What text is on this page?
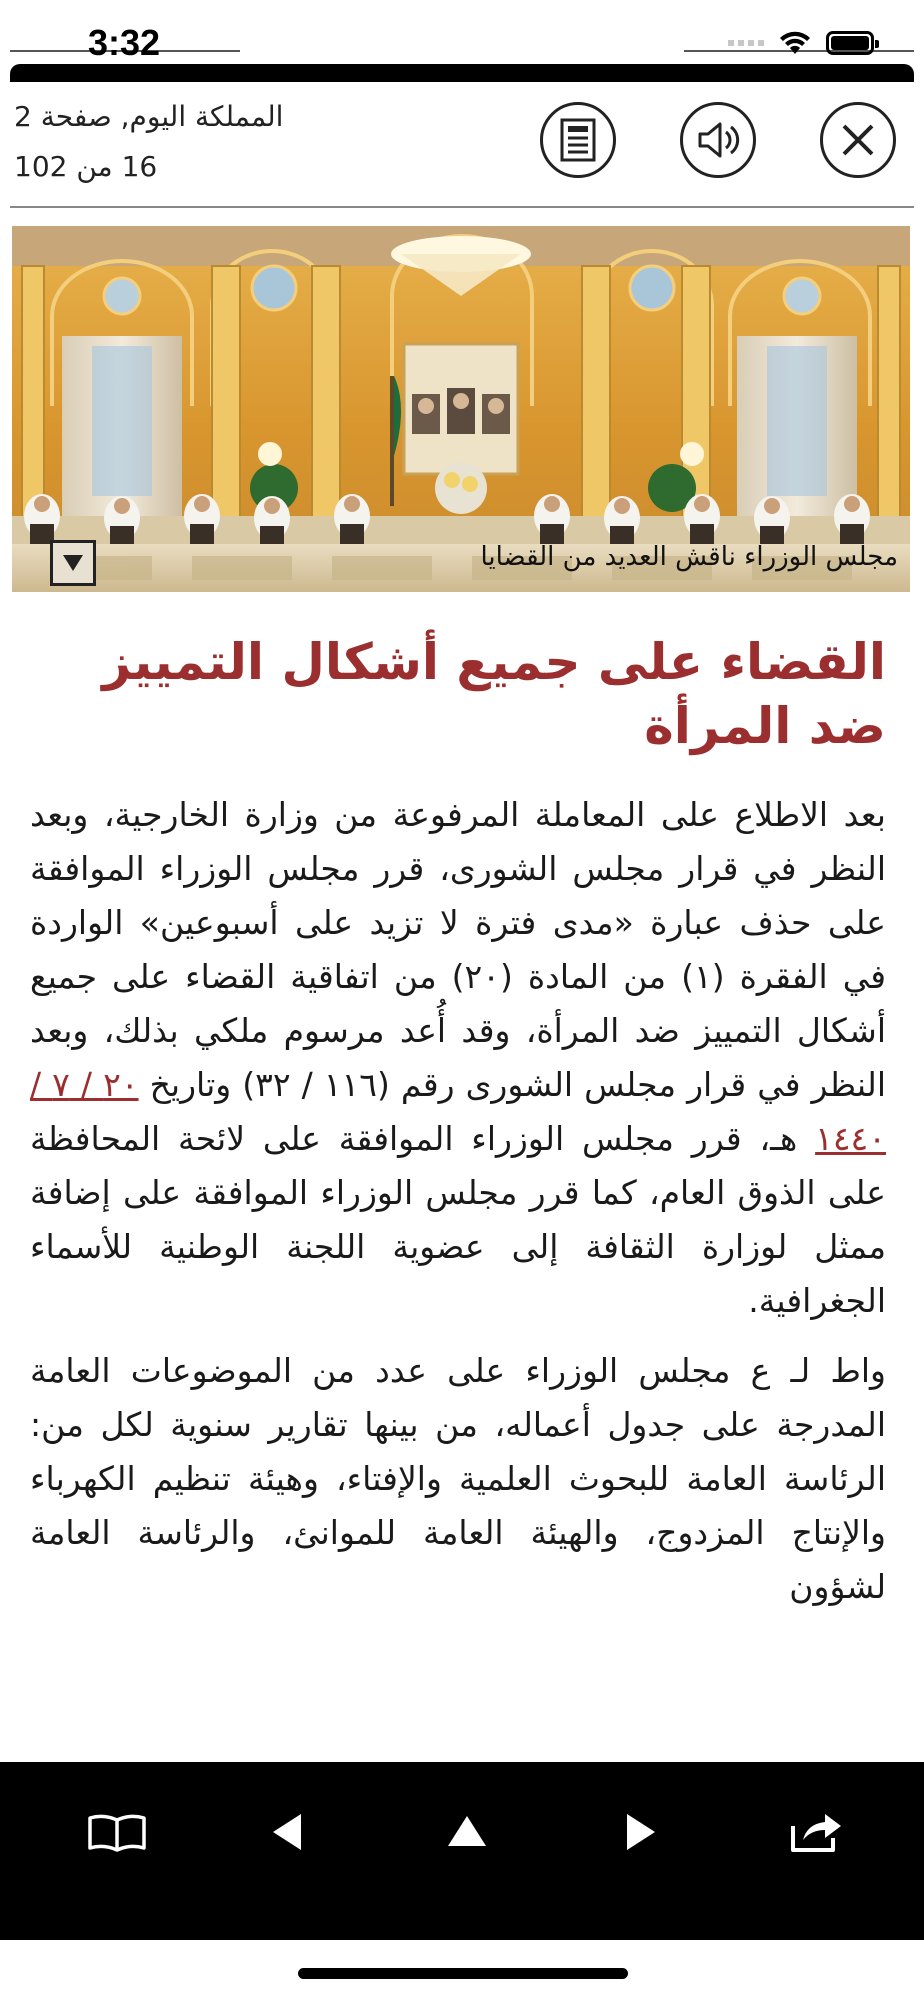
3:32
المملكة اليوم, صفحة 2
16 من 102
مجلس الوزراء ناقش العديد من القضايا
القضاء على جميع أشكال التمييز ضد المرأة

بعد الاطلاع على المعاملة المرفوعة من وزارة الخارجية، وبعد النظر في قرار مجلس الشورى، قرر مجلس الوزراء الموافقة على حذف عبارة «مدى فترة لا تزيد على أسبوعين» الواردة في الفقرة (١) من المادة (٢٠) من اتفاقية القضاء على جميع أشكال التمييز ضد المرأة، وقد أُعد مرسوم ملكي بذلك، وبعد النظر في قرار مجلس الشورى رقم (١١٦ / ٣٢) وتاريخ ٢٠ / ٧ / ١٤٤٠ هـ، قرر مجلس الوزراء الموافقة على لائحة المحافظة على الذوق العام، كما قرر مجلس الوزراء الموافقة على إضافة ممثل لوزارة الثقافة إلى عضوية اللجنة الوطنية للأسماء الجغرافية.

واط لـ ع مجلس الوزراء على عدد من الموضوعات العامة المدرجة على جدول أعماله، من بينها تقارير سنوية لكل من: الرئاسة العامة للبحوث العلمية والإفتاء، وهيئة تنظيم الكهرباء والإنتاج المزدوج، والهيئة العامة للموانئ، والرئاسة العامة لشؤون
